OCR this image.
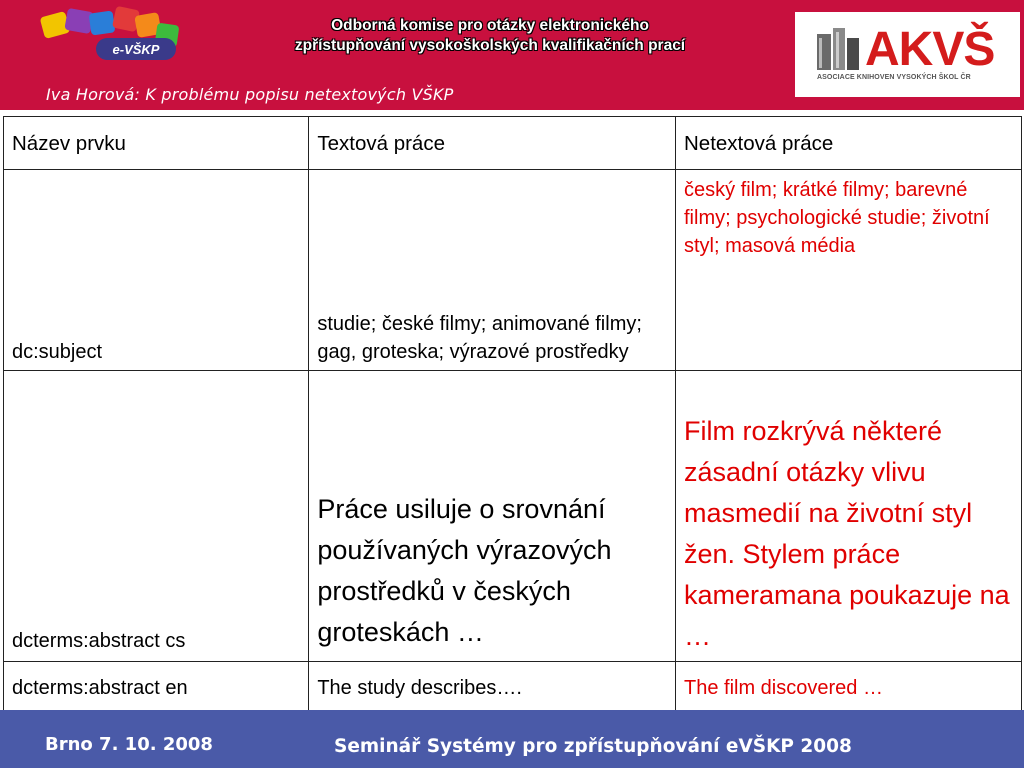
e-VŠKP
Odborná komise pro otázky elektronického
zpřístupňování vysokoškolských kvalifikačních prací
Iva Horová: K problému popisu netextových VŠKP
AKVŠ
ASOCIACE KNIHOVEN VYSOKÝCH ŠKOL ČR
Název prvku	Textová práce	Netextová práce
dc:subject	studie; české filmy; animované filmy; gag, groteska; výrazové prostředky	český film; krátké filmy; barevné filmy; psychologické studie; životní styl; masová média
dcterms:abstract cs	Práce usiluje o srovnání používaných výrazových prostředků v českých groteskách …	Film rozkrývá některé zásadní otázky vlivu masmedií na životní styl žen. Stylem práce kameramana poukazuje na …
dcterms:abstract en	The study describes….	The film discovered …
Brno 7. 10. 2008	Seminář Systémy pro zpřístupňování eVŠKP 2008
